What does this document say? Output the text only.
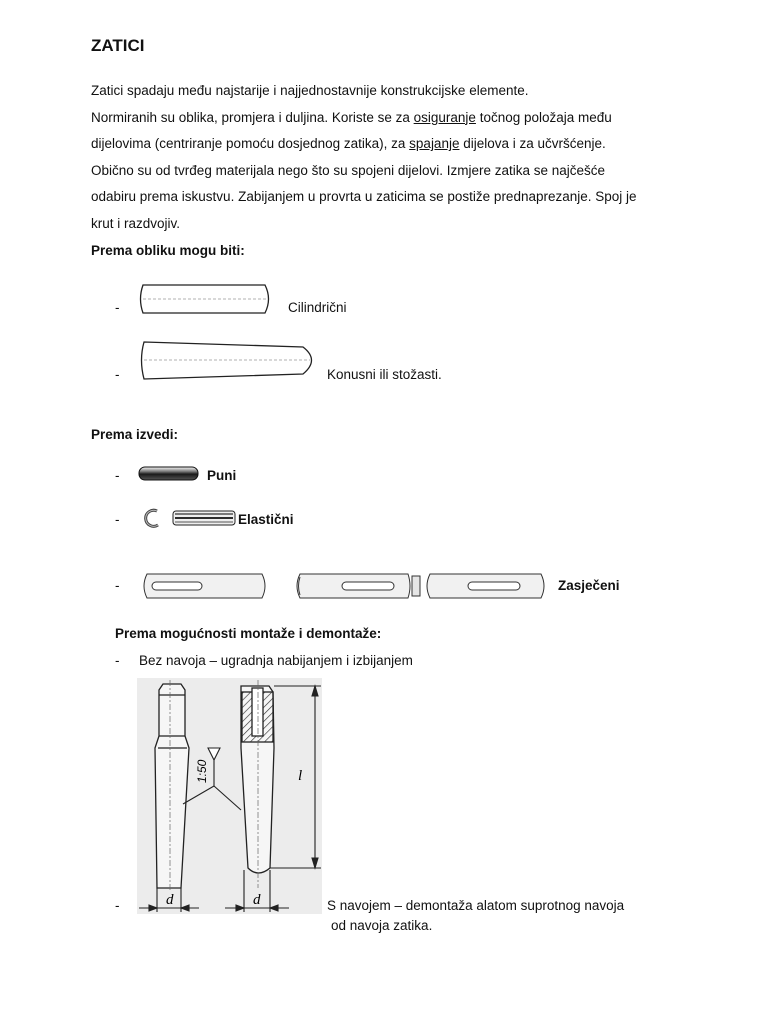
ZATICI

Zatici spadaju među najstarije i najjednostavnije konstrukcijske elemente.

Normiranih su oblika, promjera i duljina. Koriste se za osiguranje točnog položaja među

dijelovima (centriranje pomoću dosjednog zatika), za spajanje dijelova i za učvršćenje.

Obično su od tvrđeg materijala nego što su spojeni dijelovi. Izmjere zatika se najčešće

odabiru prema iskustvu. Zabijanjem u provrta u zaticima se postiže prednaprezanje. Spoj je

krut i razdvojiv.

Prema obliku mogu biti:
-	Cilindrični
-	Konusni ili stožasti.
Prema izvedi:
-	Puni
-	Elastični
-	Zasječeni
Prema mogućnosti montaže i demontaže:
- Bez navoja – ugradnja nabijanjem i izbijanjem
1:50	l
d	d
-	S navojem – demontaža alatom suprotnog navoja
od navoja zatika.
